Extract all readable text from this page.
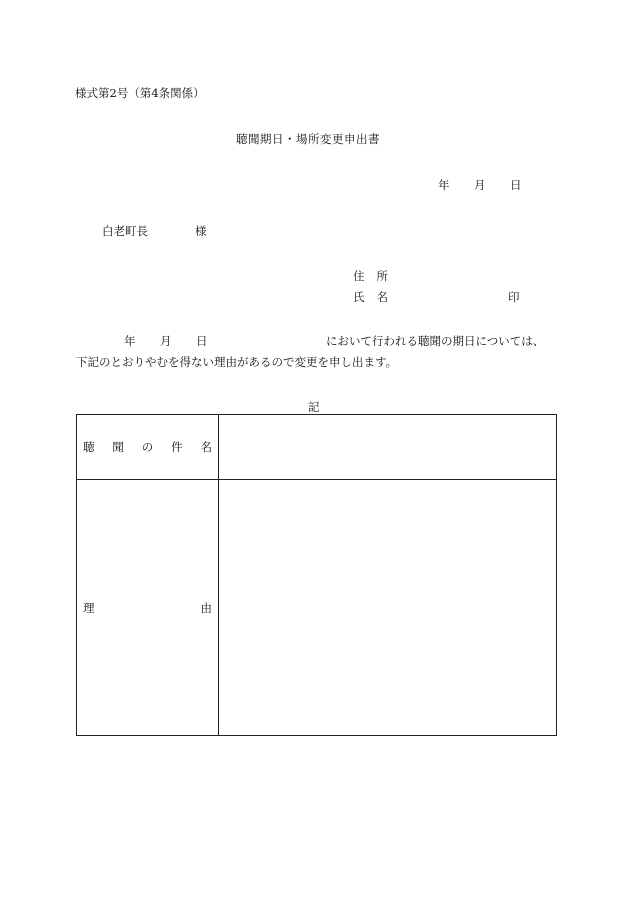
様式第2号（第4条関係）
聴聞期日・場所変更申出書
年 月 日
白老町長	様
住所
氏名	印
年 月 日	において行われる聴聞の期日については、
下記のとおりやむを得ない理由があるので変更を申し出ます。
記
聴 聞 の 件 名	

理 由	
